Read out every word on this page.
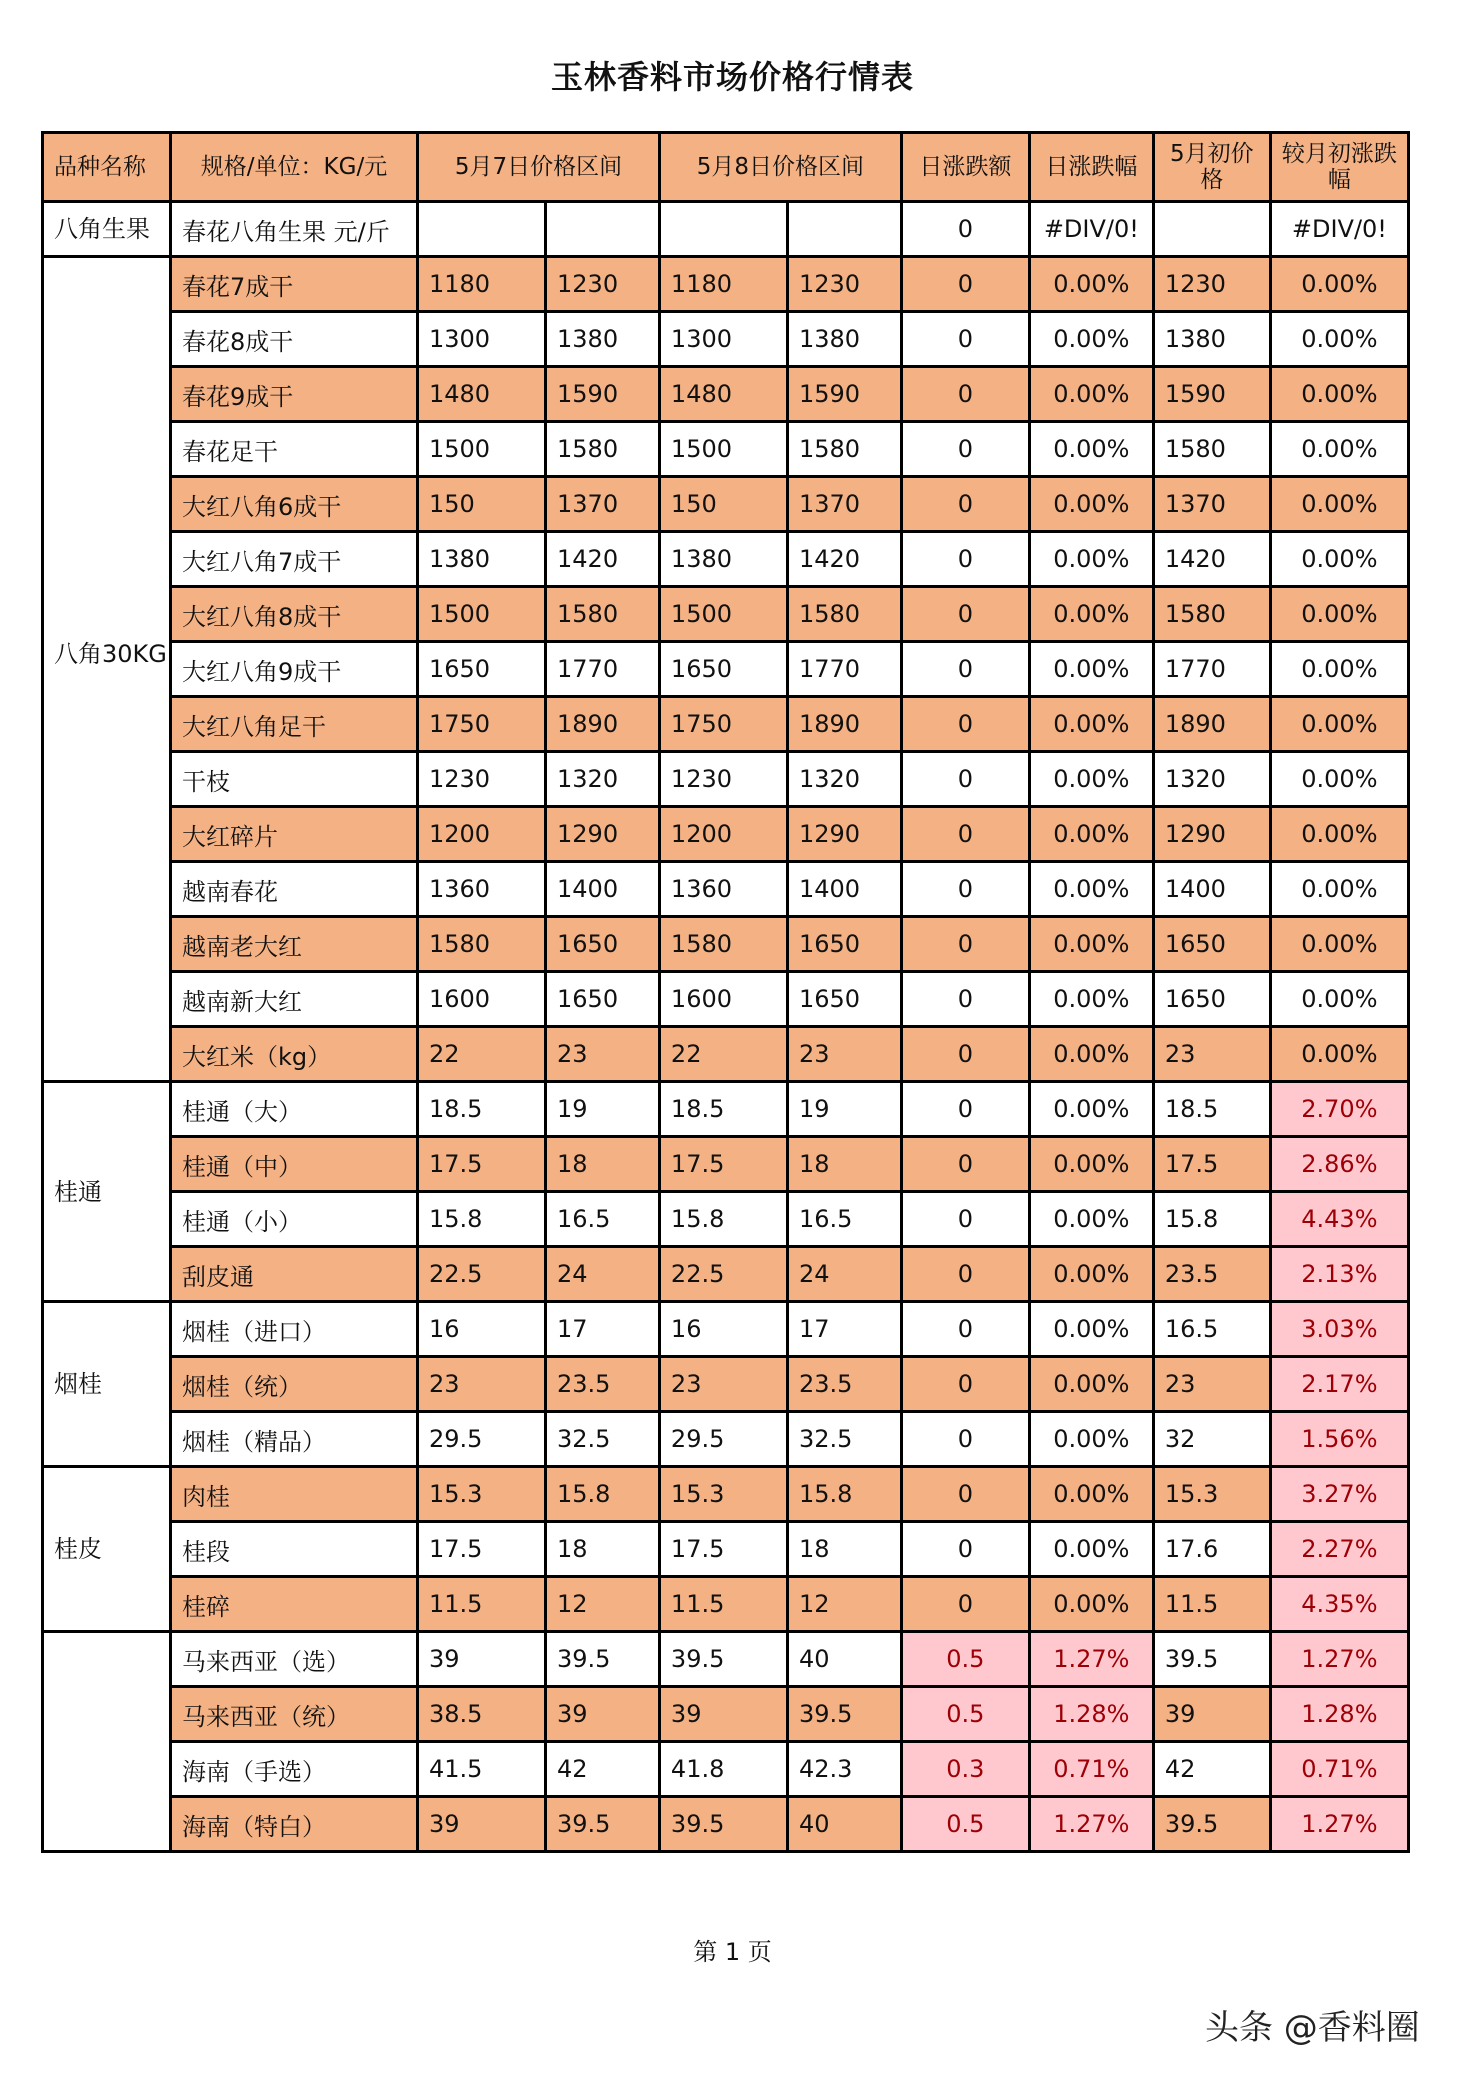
玉林香料市场价格行情表
品种名称	规格/单位：KG/元	5月7日价格区间		5月8日价格区间		日涨跌额	日涨跌幅	5月初价格	较月初涨跌幅
八角生果	春花八角生果 元/斤					0	#DIV/0!		#DIV/0!
八角30KG	春花7成干	1180	1230	1180	1230	0	0.00%	1230	0.00%
	春花8成干	1300	1380	1300	1380	0	0.00%	1380	0.00%
	春花9成干	1480	1590	1480	1590	0	0.00%	1590	0.00%
	春花足干	1500	1580	1500	1580	0	0.00%	1580	0.00%
	大红八角6成干	150	1370	150	1370	0	0.00%	1370	0.00%
	大红八角7成干	1380	1420	1380	1420	0	0.00%	1420	0.00%
	大红八角8成干	1500	1580	1500	1580	0	0.00%	1580	0.00%
	大红八角9成干	1650	1770	1650	1770	0	0.00%	1770	0.00%
	大红八角足干	1750	1890	1750	1890	0	0.00%	1890	0.00%
	干枝	1230	1320	1230	1320	0	0.00%	1320	0.00%
	大红碎片	1200	1290	1200	1290	0	0.00%	1290	0.00%
	越南春花	1360	1400	1360	1400	0	0.00%	1400	0.00%
	越南老大红	1580	1650	1580	1650	0	0.00%	1650	0.00%
	越南新大红	1600	1650	1600	1650	0	0.00%	1650	0.00%
	大红米（kg）	22	23	22	23	0	0.00%	23	0.00%
桂通	桂通（大）	18.5	19	18.5	19	0	0.00%	18.5	2.70%
	桂通（中）	17.5	18	17.5	18	0	0.00%	17.5	2.86%
	桂通（小）	15.8	16.5	15.8	16.5	0	0.00%	15.8	4.43%
	刮皮通	22.5	24	22.5	24	0	0.00%	23.5	2.13%
烟桂	烟桂（进口）	16	17	16	17	0	0.00%	16.5	3.03%
	烟桂（统）	23	23.5	23	23.5	0	0.00%	23	2.17%
	烟桂（精品）	29.5	32.5	29.5	32.5	0	0.00%	32	1.56%
桂皮	肉桂	15.3	15.8	15.3	15.8	0	0.00%	15.3	3.27%
	桂段	17.5	18	17.5	18	0	0.00%	17.6	2.27%
	桂碎	11.5	12	11.5	12	0	0.00%	11.5	4.35%
	马来西亚（选）	39	39.5	39.5	40	0.5	1.27%	39.5	1.27%
	马来西亚（统）	38.5	39	39	39.5	0.5	1.28%	39	1.28%
	海南（手选）	41.5	42	41.8	42.3	0.3	0.71%	42	0.71%
	海南（特白）	39	39.5	39.5	40	0.5	1.27%	39.5	1.27%
第 1 页
头条 @香料圈
